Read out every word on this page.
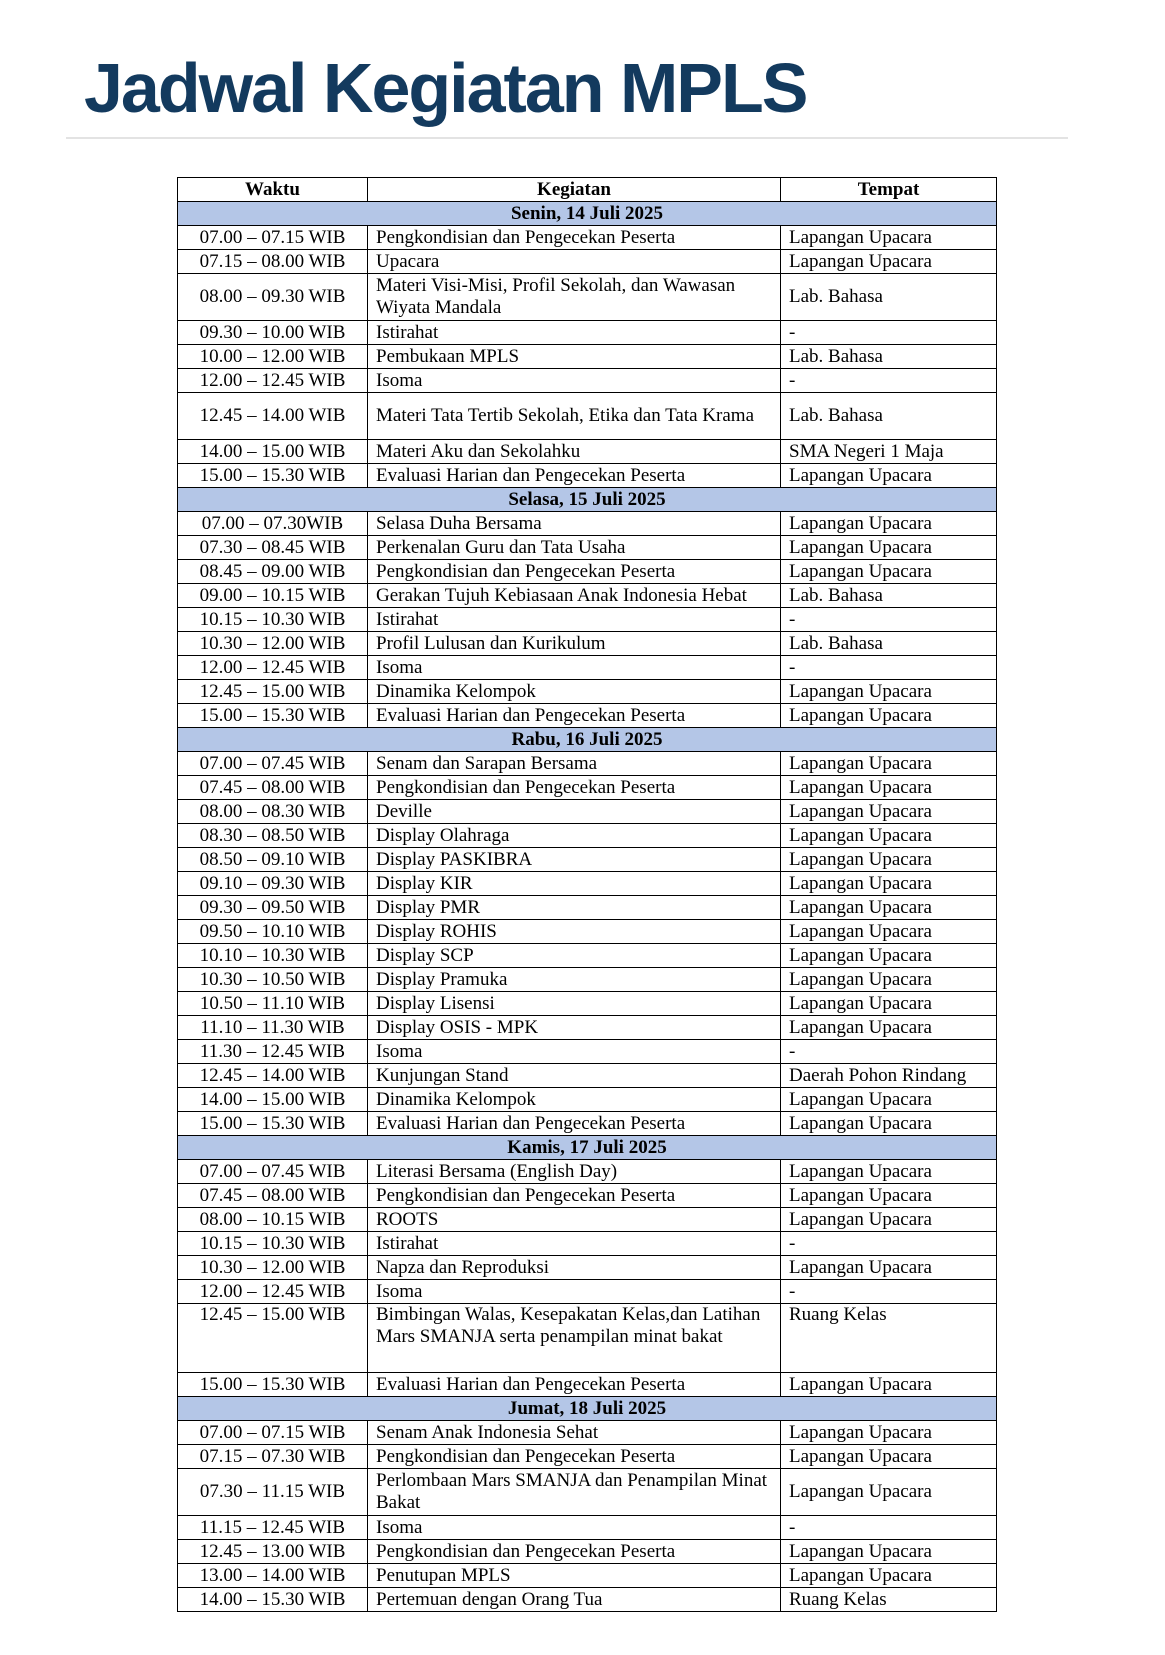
Jadwal Kegiatan MPLS
Waktu	Kegiatan	Tempat
Senin, 14 Juli 2025		
07.00 – 07.15 WIB	Pengkondisian dan Pengecekan Peserta	Lapangan Upacara
07.15 – 08.00 WIB	Upacara	Lapangan Upacara
08.00 – 09.30 WIB	Materi Visi-Misi, Profil Sekolah, dan Wawasan Wiyata Mandala	Lab. Bahasa
09.30 – 10.00 WIB	Istirahat	-
10.00 – 12.00 WIB	Pembukaan MPLS	Lab. Bahasa
12.00 – 12.45 WIB	Isoma	-
12.45 – 14.00 WIB	Materi Tata Tertib Sekolah, Etika dan Tata Krama	Lab. Bahasa
14.00 – 15.00 WIB	Materi Aku dan Sekolahku	SMA Negeri 1 Maja
15.00 – 15.30 WIB	Evaluasi Harian dan Pengecekan Peserta	Lapangan Upacara
Selasa, 15 Juli 2025		
07.00 – 07.30WIB	Selasa Duha Bersama	Lapangan Upacara
07.30 – 08.45 WIB	Perkenalan Guru dan Tata Usaha	Lapangan Upacara
08.45 – 09.00 WIB	Pengkondisian dan Pengecekan Peserta	Lapangan Upacara
09.00 – 10.15 WIB	Gerakan Tujuh Kebiasaan Anak Indonesia Hebat	Lab. Bahasa
10.15 – 10.30 WIB	Istirahat	-
10.30 – 12.00 WIB	Profil Lulusan dan Kurikulum	Lab. Bahasa
12.00 – 12.45 WIB	Isoma	-
12.45 – 15.00 WIB	Dinamika Kelompok	Lapangan Upacara
15.00 – 15.30 WIB	Evaluasi Harian dan Pengecekan Peserta	Lapangan Upacara
Rabu, 16 Juli 2025		
07.00 – 07.45 WIB	Senam dan Sarapan Bersama	Lapangan Upacara
07.45 – 08.00 WIB	Pengkondisian dan Pengecekan Peserta	Lapangan Upacara
08.00 – 08.30 WIB	Deville	Lapangan Upacara
08.30 – 08.50 WIB	Display Olahraga	Lapangan Upacara
08.50 – 09.10 WIB	Display PASKIBRA	Lapangan Upacara
09.10 – 09.30 WIB	Display KIR	Lapangan Upacara
09.30 – 09.50 WIB	Display PMR	Lapangan Upacara
09.50 – 10.10 WIB	Display ROHIS	Lapangan Upacara
10.10 – 10.30 WIB	Display SCP	Lapangan Upacara
10.30 – 10.50 WIB	Display Pramuka	Lapangan Upacara
10.50 – 11.10 WIB	Display Lisensi	Lapangan Upacara
11.10 – 11.30 WIB	Display OSIS - MPK	Lapangan Upacara
11.30 – 12.45 WIB	Isoma	-
12.45 – 14.00 WIB	Kunjungan Stand	Daerah Pohon Rindang
14.00 – 15.00 WIB	Dinamika Kelompok	Lapangan Upacara
15.00 – 15.30 WIB	Evaluasi Harian dan Pengecekan Peserta	Lapangan Upacara
Kamis, 17 Juli 2025		
07.00 – 07.45 WIB	Literasi Bersama (English Day)	Lapangan Upacara
07.45 – 08.00 WIB	Pengkondisian dan Pengecekan Peserta	Lapangan Upacara
08.00 – 10.15 WIB	ROOTS	Lapangan Upacara
10.15 – 10.30 WIB	Istirahat	-
10.30 – 12.00 WIB	Napza dan Reproduksi	Lapangan Upacara
12.00 – 12.45 WIB	Isoma	-
12.45 – 15.00 WIB	Bimbingan Walas, Kesepakatan Kelas,dan Latihan Mars SMANJA serta penampilan minat bakat	Ruang Kelas
15.00 – 15.30 WIB	Evaluasi Harian dan Pengecekan Peserta	Lapangan Upacara
Jumat, 18 Juli 2025		
07.00 – 07.15 WIB	Senam Anak Indonesia Sehat	Lapangan Upacara
07.15 – 07.30 WIB	Pengkondisian dan Pengecekan Peserta	Lapangan Upacara
07.30 – 11.15 WIB	Perlombaan Mars SMANJA dan Penampilan Minat Bakat	Lapangan Upacara
11.15 – 12.45 WIB	Isoma	-
12.45 – 13.00 WIB	Pengkondisian dan Pengecekan Peserta	Lapangan Upacara
13.00 – 14.00 WIB	Penutupan MPLS	Lapangan Upacara
14.00 – 15.30 WIB	Pertemuan dengan Orang Tua	Ruang Kelas
